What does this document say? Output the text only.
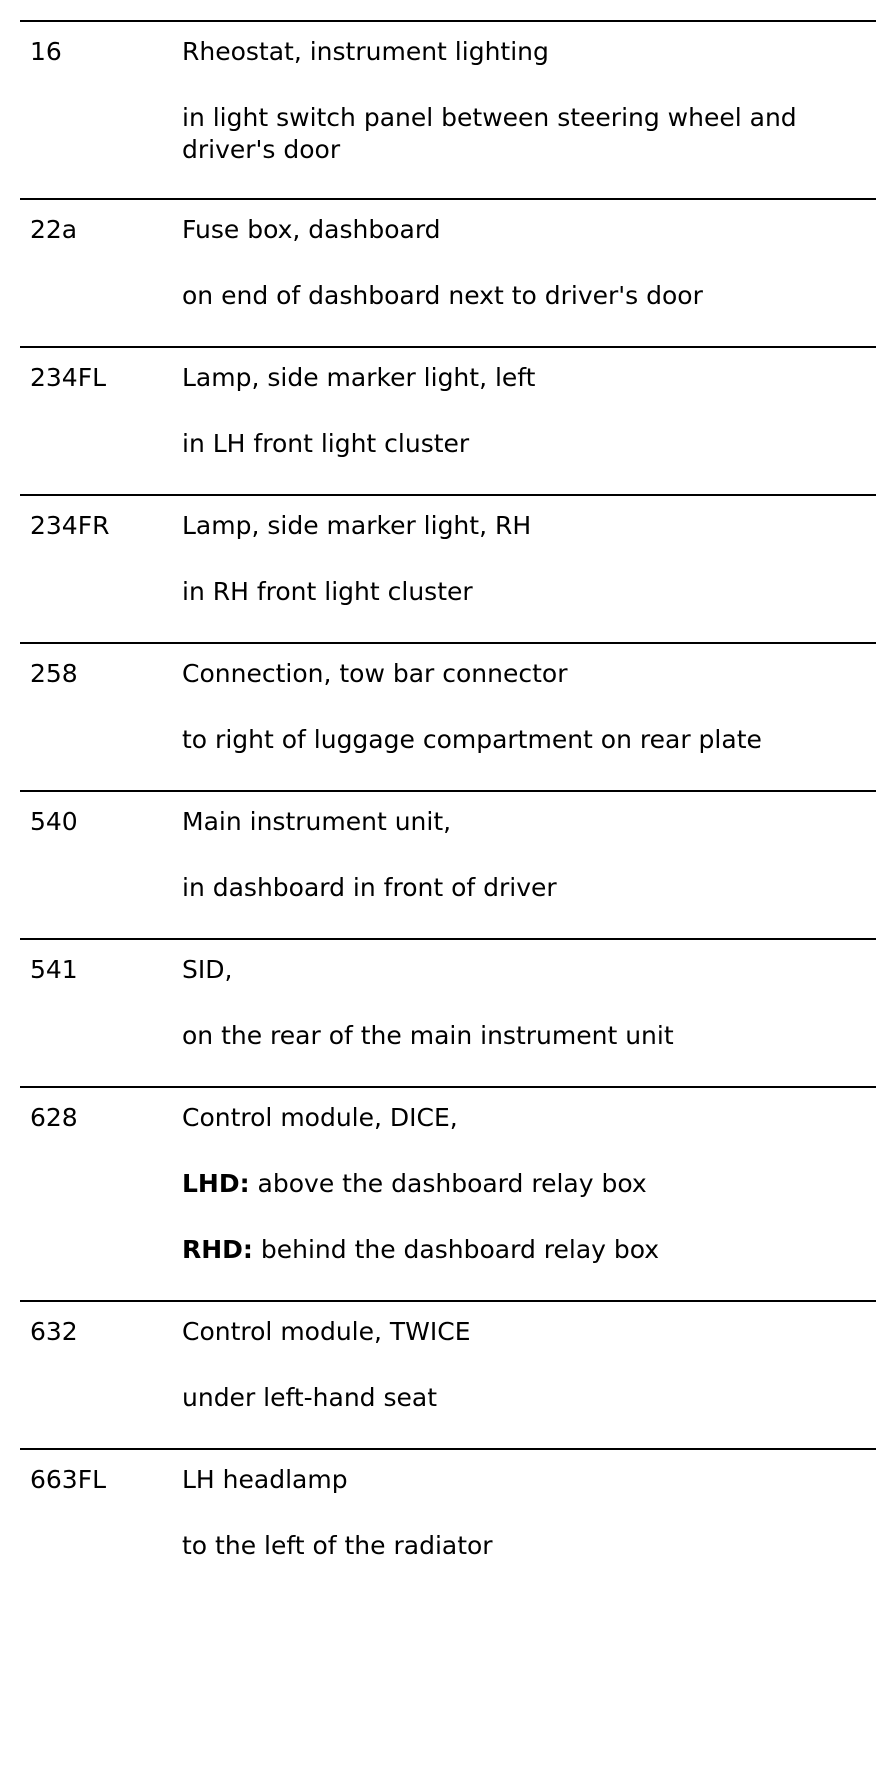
16	Rheostat, instrument lighting

in light switch panel between steering wheel and driver's door

22a	Fuse box, dashboard

on end of dashboard next to driver's door

234FL	Lamp, side marker light, left

in LH front light cluster

234FR	Lamp, side marker light, RH

in RH front light cluster

258	Connection, tow bar connector

to right of luggage compartment on rear plate

540	Main instrument unit,

in dashboard in front of driver

541	SID,

on the rear of the main instrument unit

628	Control module, DICE,

LHD: above the dashboard relay box

RHD: behind the dashboard relay box

632	Control module, TWICE

under left-hand seat

663FL	LH headlamp

to the left of the radiator
